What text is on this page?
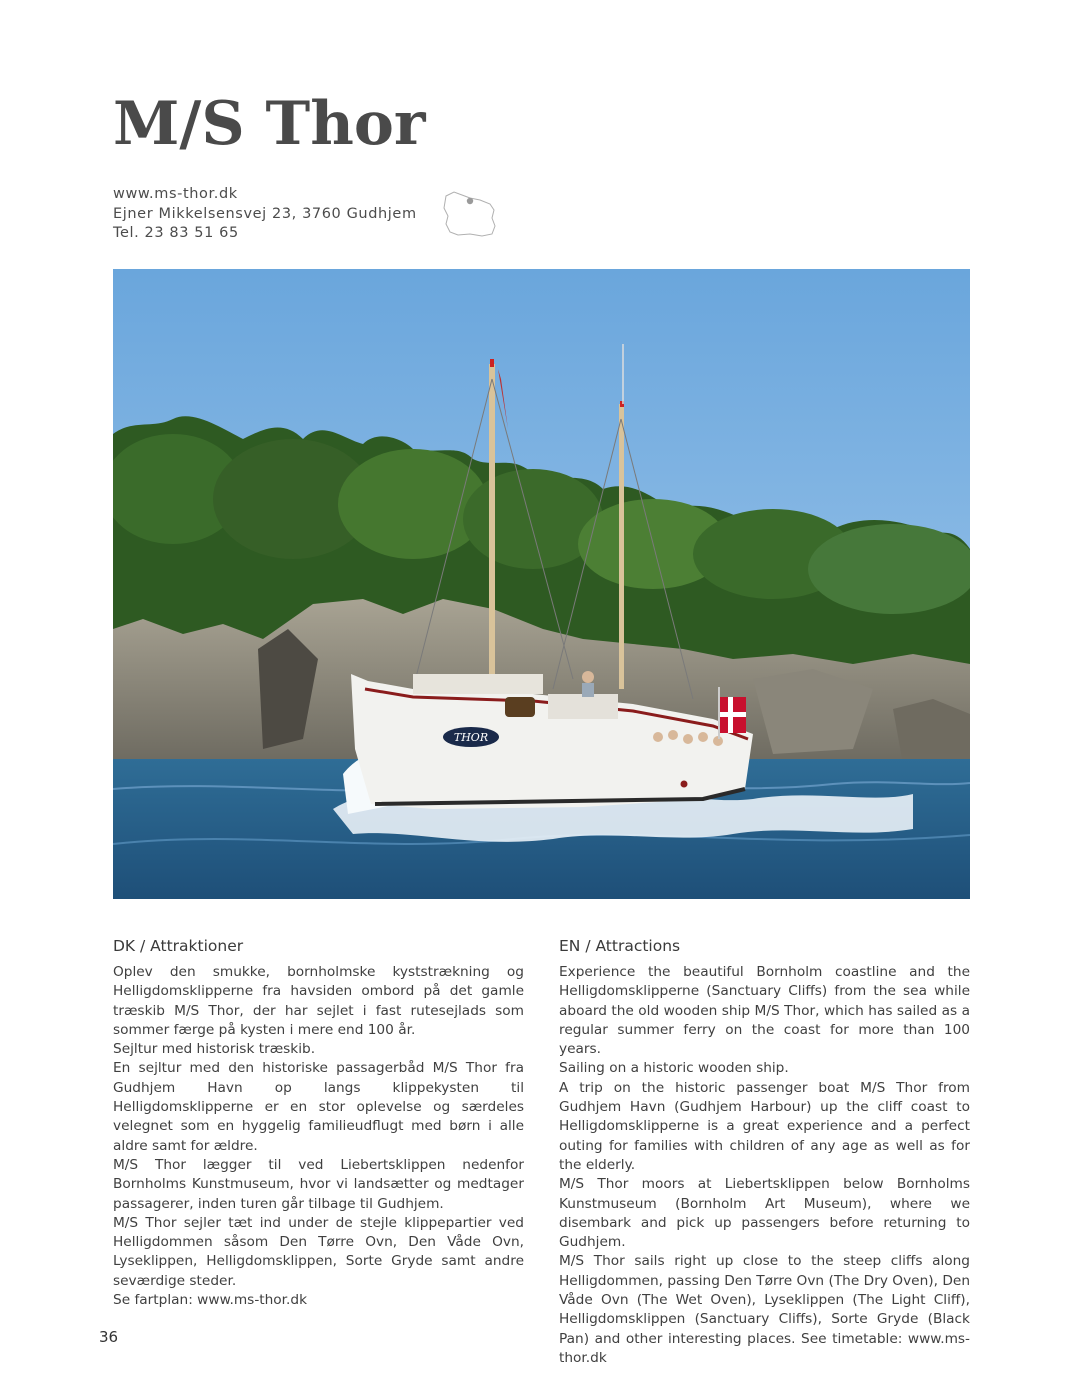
M/S Thor
www.ms-thor.dk
Ejner Mikkelsensvej 23, 3760 Gudhjem
Tel. 23 83 51 65
THOR
DK / Attraktioner

Oplev den smukke, bornholmske kyststrækning og Helligdomsklipperne fra havsiden ombord på det gamle træskib M/S Thor, der har sejlet i fast rutesejlads som sommer færge på kysten i mere end 100 år.

Sejltur med historisk træskib.

En sejltur med den historiske passagerbåd M/S Thor fra Gudhjem Havn op langs klippekysten til Helligdomsklipperne er en stor oplevelse og særdeles velegnet som en hyggelig familieudflugt med børn i alle aldre samt for ældre.

M/S Thor lægger til ved Liebertsklippen nedenfor Bornholms Kunstmuseum, hvor vi landsætter og medtager passagerer, inden turen går tilbage til Gudhjem.

M/S Thor sejler tæt ind under de stejle klippepartier ved Helligdommen såsom Den Tørre Ovn, Den Våde Ovn, Lyseklippen, Helligdomsklippen, Sorte Gryde samt andre seværdige steder.

Se fartplan: www.ms-thor.dk

EN / Attractions

Experience the beautiful Bornholm coastline and the Helligdomsklipperne (Sanctuary Cliffs) from the sea while aboard the old wooden ship M/S Thor, which has sailed as a regular summer ferry on the coast for more than 100 years.

Sailing on a historic wooden ship.

A trip on the historic passenger boat M/S Thor from Gudhjem Havn (Gudhjem Harbour) up the cliff coast to Helligdomsklipperne is a great experience and a perfect outing for families with children of any age as well as for the elderly.

M/S Thor moors at Liebertsklippen below Bornholms Kunstmuseum (Bornholm Art Museum), where we disembark and pick up passengers before returning to Gudhjem.

M/S Thor sails right up close to the steep cliffs along Helligdommen, passing Den Tørre Ovn (The Dry Oven), Den Våde Ovn (The Wet Oven), Lyseklippen (The Light Cliff), Helligdomsklippen (Sanctuary Cliffs), Sorte Gryde (Black Pan) and other interesting places. See timetable: www.ms-thor.dk

36
